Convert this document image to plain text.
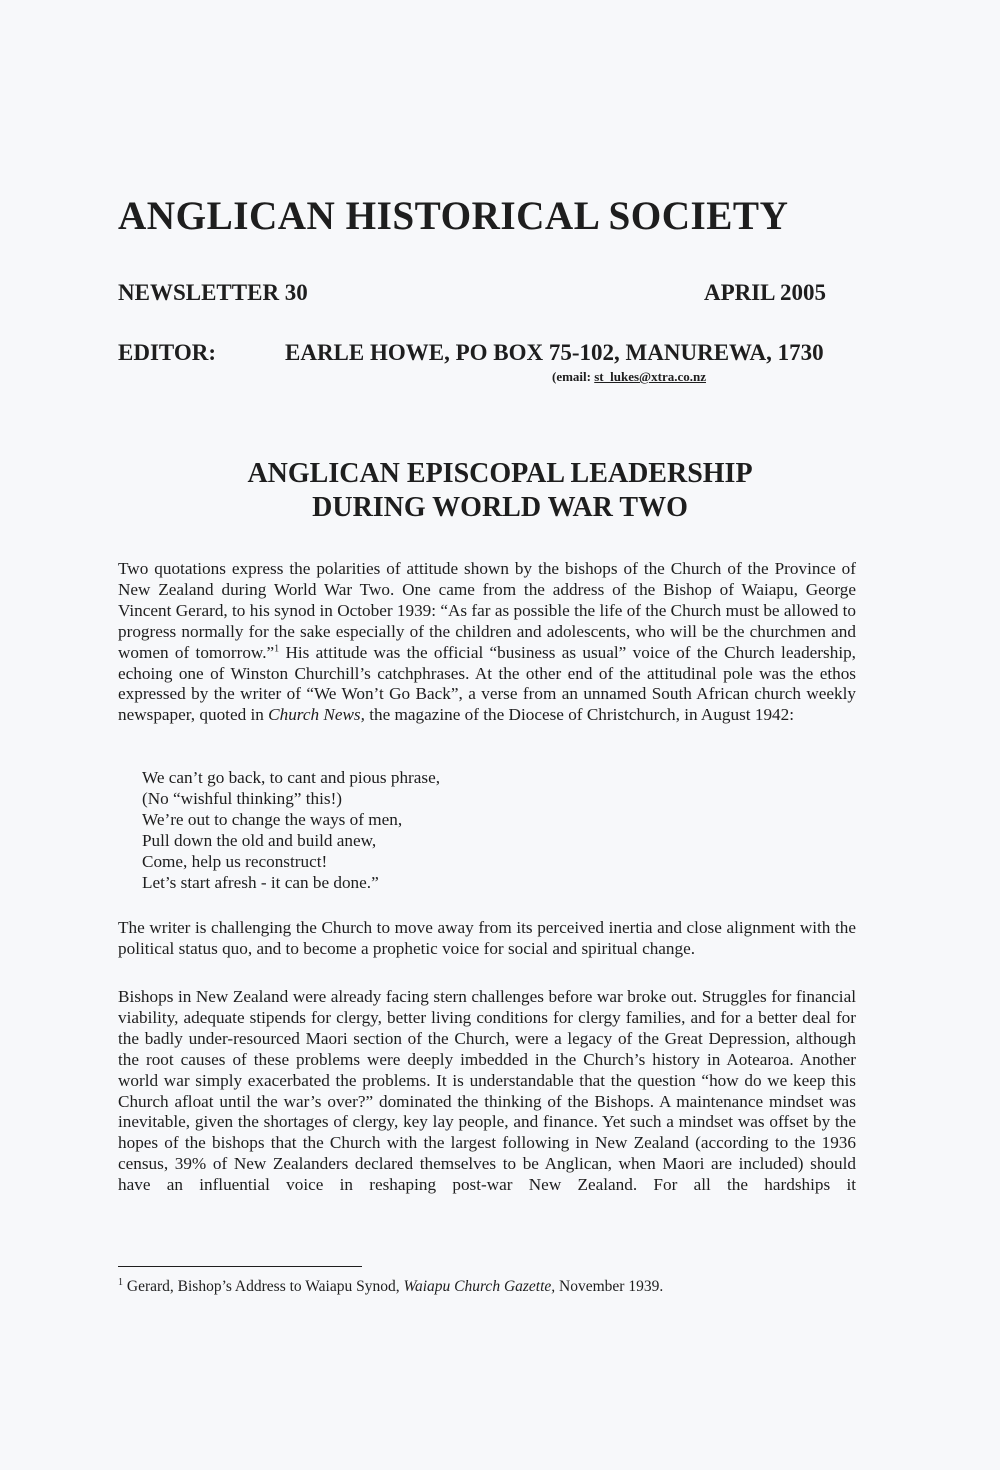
ANGLICAN HISTORICAL SOCIETY
NEWSLETTER 30	APRIL 2005
EDITOR:	EARLE HOWE, PO BOX 75-102, MANUREWA, 1730
(email: st_lukes@xtra.co.nz
ANGLICAN EPISCOPAL LEADERSHIP
DURING WORLD WAR TWO
Two quotations express the polarities of attitude shown by the bishops of the Church of the Province of New Zealand during World War Two. One came from the address of the Bishop of Waiapu, George Vincent Gerard, to his synod in October 1939: “As far as possible the life of the Church must be allowed to progress normally for the sake especially of the children and adolescents, who will be the churchmen and women of tomorrow.”$^1$ His attitude was the official “business as usual” voice of the Church leadership, echoing one of Winston Churchill’s catchphrases. At the other end of the attitudinal pole was the ethos expressed by the writer of “We Won’t Go Back”, a verse from an unnamed South African church weekly newspaper, quoted in Church News, the magazine of the Diocese of Christchurch, in August 1942:
We can’t go back, to cant and pious phrase,
(No “wishful thinking” this!)
We’re out to change the ways of men,
Pull down the old and build anew,
Come, help us reconstruct!
Let’s start afresh - it can be done.”
The writer is challenging the Church to move away from its perceived inertia and close alignment with the political status quo, and to become a prophetic voice for social and spiritual change.
Bishops in New Zealand were already facing stern challenges before war broke out. Struggles for financial viability, adequate stipends for clergy, better living conditions for clergy families, and for a better deal for the badly under-resourced Maori section of the Church, were a legacy of the Great Depression, although the root causes of these problems were deeply imbedded in the Church’s history in Aotearoa. Another world war simply exacerbated the problems. It is understandable that the question “how do we keep this Church afloat until the war’s over?” dominated the thinking of the Bishops. A maintenance mindset was inevitable, given the shortages of clergy, key lay people, and finance. Yet such a mindset was offset by the hopes of the bishops that the Church with the largest following in New Zealand (according to the 1936 census, 39% of New Zealanders declared themselves to be Anglican, when Maori are included) should have an influential voice in reshaping post-war New Zealand. For all the hardships it
$^1$ Gerard, Bishop’s Address to Waiapu Synod, Waiapu Church Gazette, November 1939.
